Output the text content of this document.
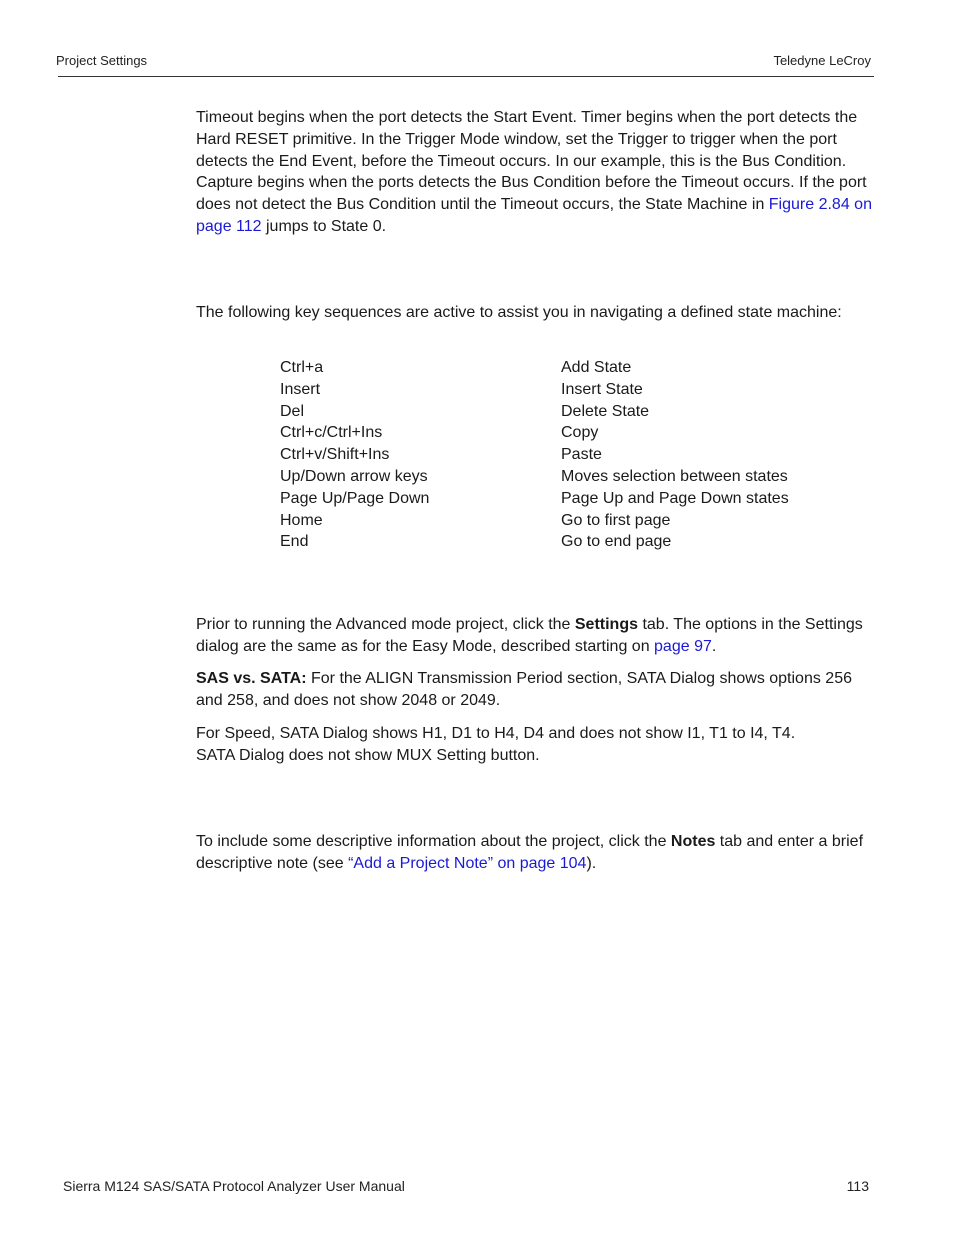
Project Settings	Teledyne LeCroy

Timeout begins when the port detects the Start Event. Timer begins when the port detects the Hard RESET primitive. In the Trigger Mode window, set the Trigger to trigger when the port detects the End Event, before the Timeout occurs. In our example, this is the Bus Condition. Capture begins when the ports detects the Bus Condition before the Timeout occurs. If the port does not detect the Bus Condition until the Timeout occurs, the State Machine in Figure 2.84 on page 112 jumps to State 0.

The following key sequences are active to assist you in navigating a defined state machine:

Ctrl+a	Add State
Insert	Insert State
Del	Delete State
Ctrl+c/Ctrl+Ins	Copy
Ctrl+v/Shift+Ins	Paste
Up/Down arrow keys	Moves selection between states
Page Up/Page Down	Page Up and Page Down states
Home	Go to first page
End	Go to end page

Prior to running the Advanced mode project, click the Settings tab. The options in the Settings dialog are the same as for the Easy Mode, described starting on page 97.

SAS vs. SATA: For the ALIGN Transmission Period section, SATA Dialog shows options 256 and 258, and does not show 2048 or 2049.

For Speed, SATA Dialog shows H1, D1 to H4, D4 and does not show I1, T1 to I4, T4.
SATA Dialog does not show MUX Setting button.

To include some descriptive information about the project, click the Notes tab and enter a brief descriptive note (see “Add a Project Note” on page 104).

Sierra M124 SAS/SATA Protocol Analyzer User Manual	113
